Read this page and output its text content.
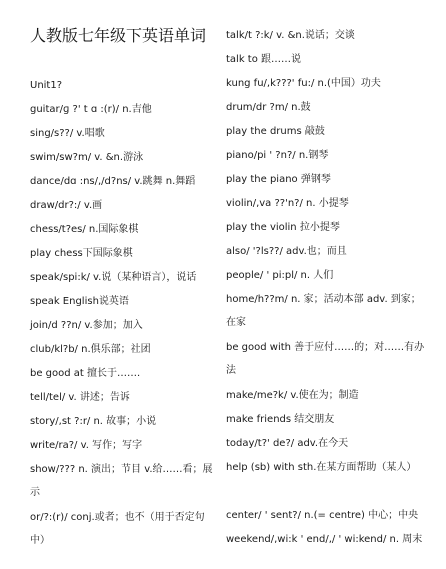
人教版七年级下英语单词
Unit1?
guitar/ɡ ?' t ɑ :(r)/ n.吉他
sing/s??/ v.唱歌
swim/sw?m/ v. &n.游泳
dance/dɑ :ns/,/d?ns/ v.跳舞 n.舞蹈
draw/dr?:/ v.画
chess/t?es/ n.国际象棋
play chess下国际象棋
speak/spi:k/ v.说（某种语言），说话
speak English说英语
join/d ??n/ v.参加；加入
club/kl?b/ n.俱乐部；社团
be good at 擅长于…….
tell/tel/ v. 讲述；告诉
story/,st ?:r/ n. 故事；小说
write/ra?/ v. 写作；写字
show/??? n. 演出；节目 v.给……看；展示
or/?:(r)/ conj.或者；也不（用于否定句中）
talk/t ?:k/ v. &n.说话；交谈
talk to 跟……说
kung fu/,k???' fu:/ n.(中国）功夫
drum/dr ?m/ n.鼓
play the drums 敲鼓
piano/pi ' ?n?/ n.钢琴
play the piano 弹钢琴
violin/,va ??'n?/ n. 小提琴
play the violin 拉小提琴
also/ '?ls??/ adv.也；而且
people/ ' pi:pl/ n. 人们
home/h??m/ n. 家；活动本部 adv. 到家；在家
be good with 善于应付……的；对……有办法
make/me?k/ v.使在为；制造
make friends 结交朋友
today/t?' de?/ adv.在今天
help (sb) with sth.在某方面帮助（某人）
center/ ' sent?/ n.(= centre) 中心；中央
weekend/,wi:k ' end/,/ ' wi:kend/ n. 周末
